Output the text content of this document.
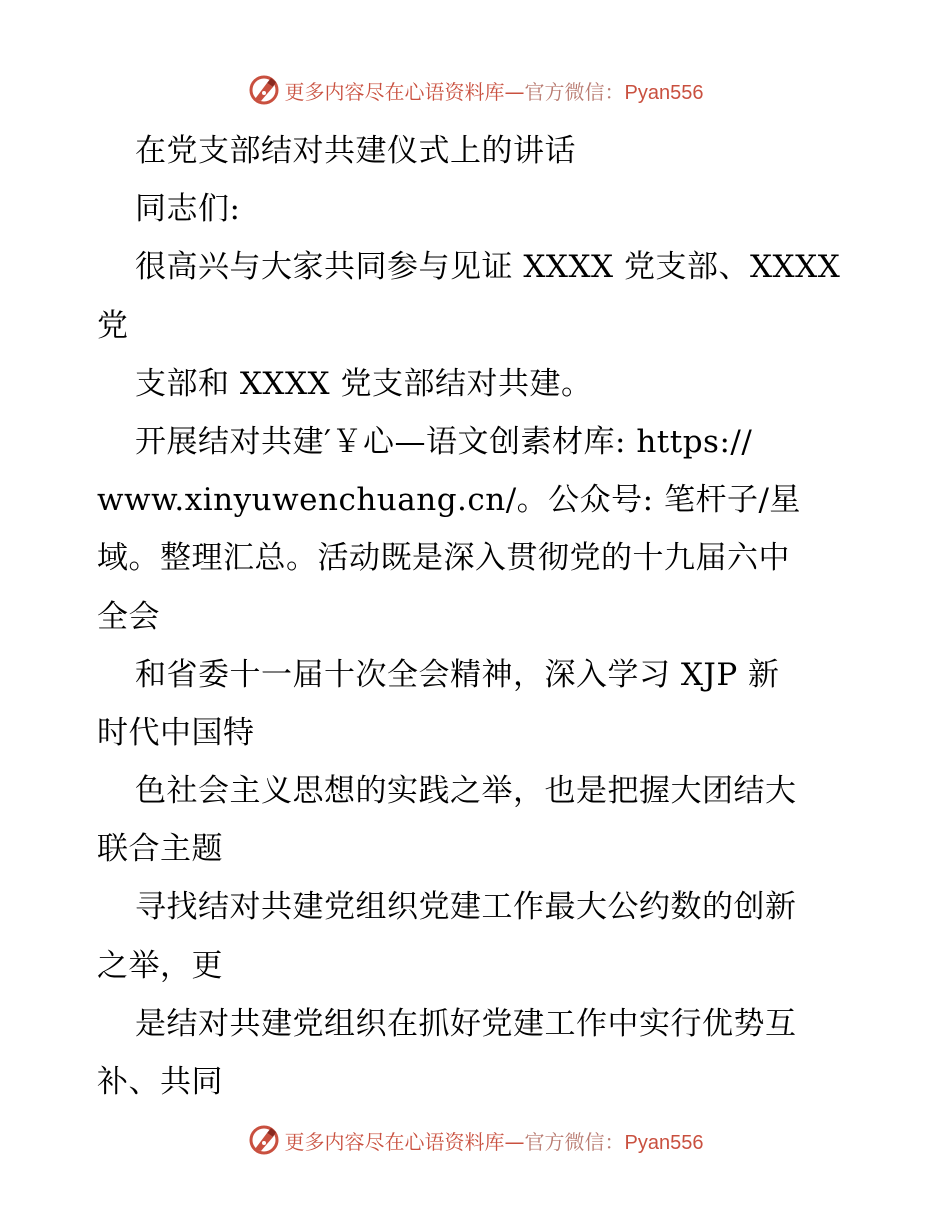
更多内容尽在心语资料库—官方微信：Pyan556
在党支部结对共建仪式上的讲话
同志们:
很高兴与大家共同参与见证 XXXX 党支部、XXXX
党
支部和 XXXX 党支部结对共建。
开展结对共建′￥心—语文创素材库: https://
www.xinyuwenchuang.cn/。公众号: 笔杆子/星
域。整理汇总。活动既是深入贯彻党的十九届六中
全会
和省委十一届十次全会精神，深入学习 XJP 新
时代中国特
色社会主义思想的实践之举，也是把握大团结大
联合主题
寻找结对共建党组织党建工作最大公约数的创新
之举，更
是结对共建党组织在抓好党建工作中实行优势互
补、共同
更多内容尽在心语资料库—官方微信：Pyan556
